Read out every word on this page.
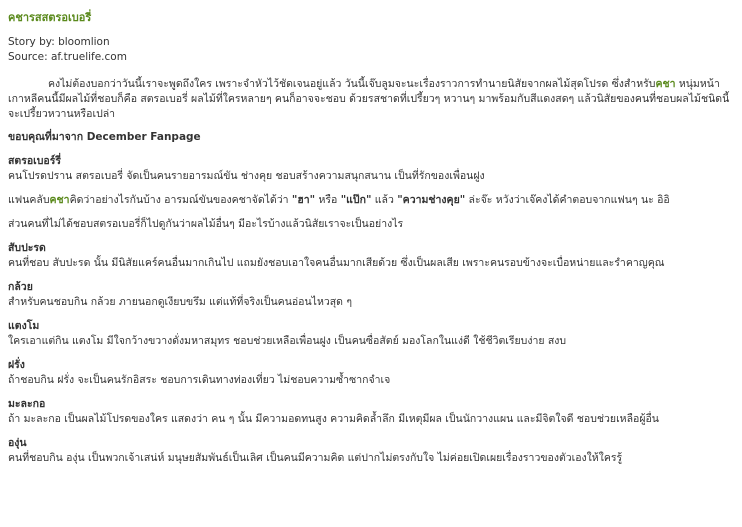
คชารสสตรอเบอรี่
Story by: bloomlion
Source: af.truelife.com

คงไม่ต้องบอกว่าวันนี้เราจะพูดถึงใคร เพราะจำหัวไว้ชัดเจนอยู่แล้ว วันนี้เจ๊บลูมจะนะเรื่องราวการทำนายนิสัยจากผลไม้สุดโปรด ซึ่งสำหรับคชา หนุ่มหน้าเกาหลีคนนี้มีผลไม้ที่ชอบก็คือ สตรอเบอรี่ ผลไม้ที่ใครหลายๆ คนก็อาจจะชอบ ด้วยรสชาดที่เปรี้ยวๆ หวานๆ มาพร้อมกับสีแดงสดๆ แล้วนิสัยของคนที่ชอบผลไม้ชนิดนี้จะเปรี้ยวหวานหรือเปล่า

ขอบคุณที่มาจาก December Fanpage

สตรอเบอร์รี่

คนโปรดปราน สตรอเบอรี่ จัดเป็นคนรายอารมณ์ขัน ช่างคุย ชอบสร้างความสนุกสนาน เป็นที่รักของเพื่อนฝูง

แฟนคลับคชาคิดว่าอย่างไรกันบ้าง อารมณ์ขันของคชาจัดได้ว่า "ฮา" หรือ "แป๊ก" แล้ว "ความช่างคุย" ล่ะจ๊ะ หวังว่าเจ๊คงได้คำตอบจากแฟนๆ นะ อิอิ

ส่วนคนที่ไม่ได้ชอบสตรอเบอรี่ก็ไปดูกันว่าผลไม้อื่นๆ มีอะไรบ้างแล้วนิสัยเราจะเป็นอย่างไร

สับปะรด

คนที่ชอบ สับปะรด นั้น มีนิสัยแคร์คนอื่นมากเกินไป แถมยังชอบเอาใจคนอื่นมากเสียด้วย ซึ่งเป็นผลเสีย เพราะคนรอบข้างจะเบื่อหน่ายและรำคาญคุณ

กล้วย

สำหรับคนชอบกิน กล้วย ภายนอกดูเงียบขรึม แต่แท้ที่จริงเป็นคนอ่อนไหวสุด ๆ

แตงโม

ใครเอาแต่กิน แตงโม มีใจกว้างขวางดั่งมหาสมุทร ชอบช่วยเหลือเพื่อนฝูง เป็นคนซื่อสัตย์ มองโลกในแง่ดี ใช้ชีวิตเรียบง่าย สงบ

ฝรั่ง

ถ้าชอบกิน ฝรั่ง จะเป็นคนรักอิสระ ชอบการเดินทางท่องเที่ยว ไม่ชอบความซ้ำซากจำเจ

มะละกอ

ถ้า มะละกอ เป็นผลไม้โปรดของใคร แสดงว่า คน ๆ นั้น มีความอดทนสูง ความคิดล้ำลึก มีเหตุมีผล เป็นนักวางแผน และมีจิตใจดี ชอบช่วยเหลือผู้อื่น

องุ่น

คนที่ชอบกิน องุ่น เป็นพวกเจ้าเสน่ห์ มนุษยสัมพันธ์เป็นเลิศ เป็นคนมีความคิด แต่ปากไม่ตรงกับใจ ไม่ค่อยเปิดเผยเรื่องราวของตัวเองให้ใครรู้
